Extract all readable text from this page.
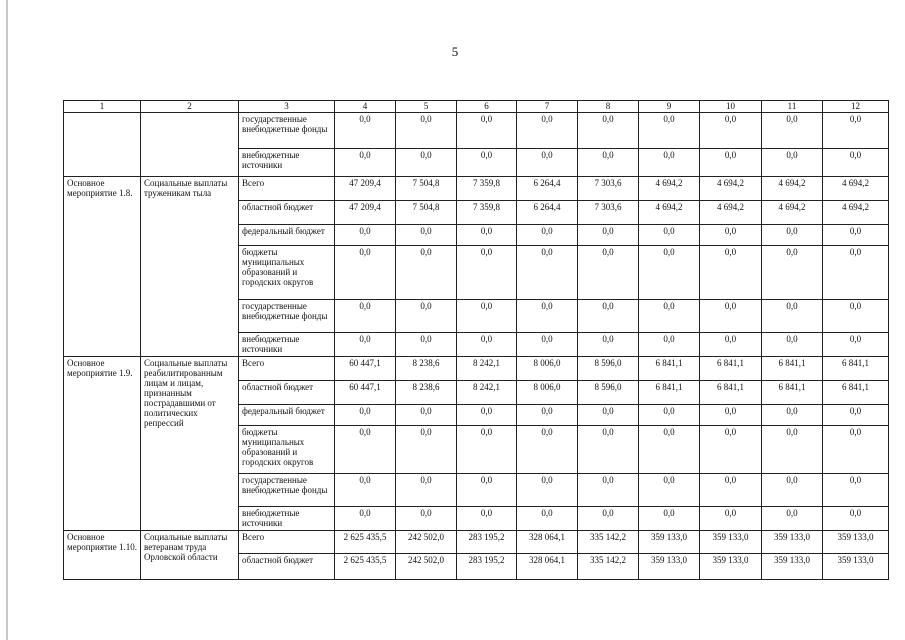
5
1	2	3	4	5	6	7	8	9	10	11	12
		государственные внебюджетные фонды	0,0	0,0	0,0	0,0	0,0	0,0	0,0	0,0	0,0
		внебюджетные источники	0,0	0,0	0,0	0,0	0,0	0,0	0,0	0,0	0,0
Основное мероприятие 1.8.	Социальные выплаты труженикам тыла	Всего	47 209,4	7 504,8	7 359,8	6 264,4	7 303,6	4 694,2	4 694,2	4 694,2	4 694,2
		областной бюджет	47 209,4	7 504,8	7 359,8	6 264,4	7 303,6	4 694,2	4 694,2	4 694,2	4 694,2
		федеральный бюджет	0,0	0,0	0,0	0,0	0,0	0,0	0,0	0,0	0,0
		бюджеты муниципальных образований и городских округов	0,0	0,0	0,0	0,0	0,0	0,0	0,0	0,0	0,0
		государственные внебюджетные фонды	0,0	0,0	0,0	0,0	0,0	0,0	0,0	0,0	0,0
		внебюджетные источники	0,0	0,0	0,0	0,0	0,0	0,0	0,0	0,0	0,0
Основное мероприятие 1.9.	Социальные выплаты реабилитированным лицам и лицам, признанным пострадавшими от политических репрессий	Всего	60 447,1	8 238,6	8 242,1	8 006,0	8 596,0	6 841,1	6 841,1	6 841,1	6 841,1
		областной бюджет	60 447,1	8 238,6	8 242,1	8 006,0	8 596,0	6 841,1	6 841,1	6 841,1	6 841,1
		федеральный бюджет	0,0	0,0	0,0	0,0	0,0	0,0	0,0	0,0	0,0
		бюджеты муниципальных образований и городских округов	0,0	0,0	0,0	0,0	0,0	0,0	0,0	0,0	0,0
		государственные внебюджетные фонды	0,0	0,0	0,0	0,0	0,0	0,0	0,0	0,0	0,0
		внебюджетные источники	0,0	0,0	0,0	0,0	0,0	0,0	0,0	0,0	0,0
Основное мероприятие 1.10.	Социальные выплаты ветеранам труда Орловской области	Всего	2 625 435,5	242 502,0	283 195,2	328 064,1	335 142,2	359 133,0	359 133,0	359 133,0	359 133,0
		областной бюджет	2 625 435,5	242 502,0	283 195,2	328 064,1	335 142,2	359 133,0	359 133,0	359 133,0	359 133,0
